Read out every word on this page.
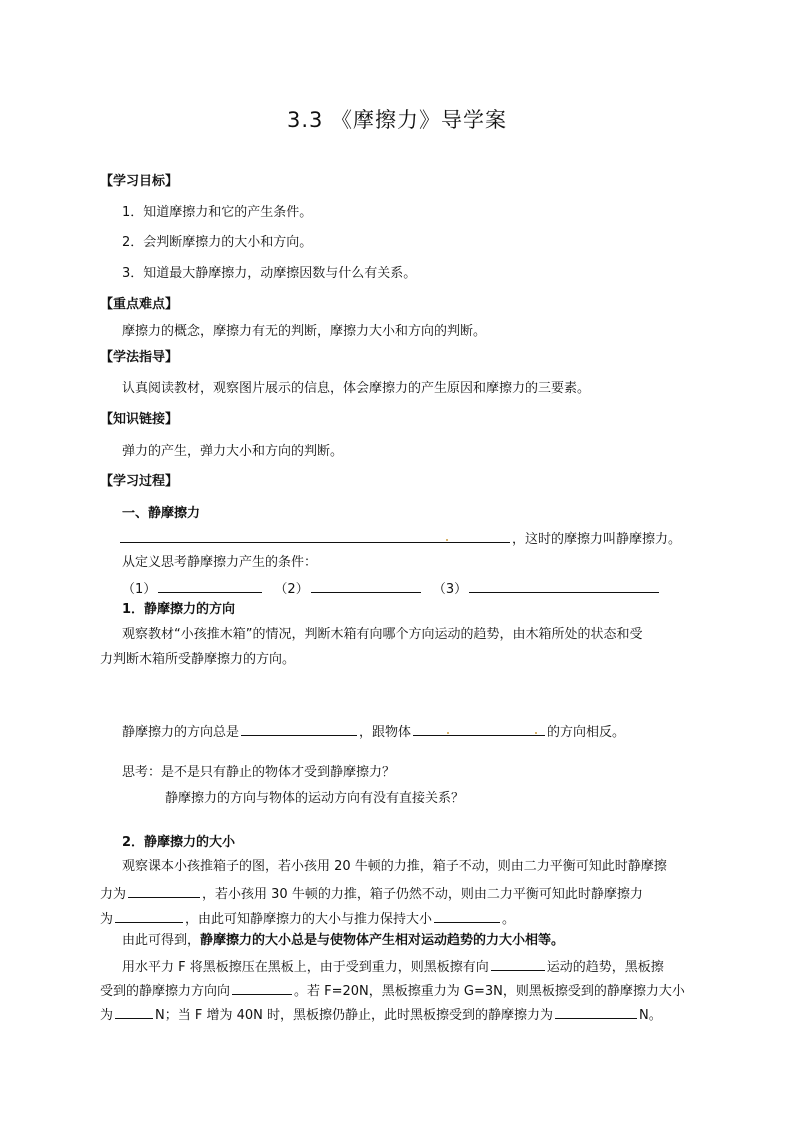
3.3 《摩擦力》导学案
【学习目标】
1．知道摩擦力和它的产生条件。
2．会判断摩擦力的大小和方向。
3．知道最大静摩擦力，动摩擦因数与什么有关系。
【重点难点】
摩擦力的概念，摩擦力有无的判断，摩擦力大小和方向的判断。
【学法指导】
认真阅读教材，观察图片展示的信息，体会摩擦力的产生原因和摩擦力的三要素。
【知识链接】
弹力的产生，弹力大小和方向的判断。
【学习过程】
一、静摩擦力
，这时的摩擦力叫静摩擦力。
从定义思考静摩擦力产生的条件：
（1）	（2）	（3）
1．静摩擦力的方向
观察教材“小孩推木箱”的情况，判断木箱有向哪个方向运动的趋势，由木箱所处的状态和受
力判断木箱所受静摩擦力的方向。
静摩擦力的方向总是	，跟物体	的方向相反。
思考：是不是只有静止的物体才受到静摩擦力？
静摩擦力的方向与物体的运动方向有没有直接关系？
2．静摩擦力的大小
观察课本小孩推箱子的图，若小孩用 20 牛顿的力推，箱子不动，则由二力平衡可知此时静摩擦
力为	，若小孩用 30 牛顿的力推，箱子仍然不动，则由二力平衡可知此时静摩擦力
为	，由此可知静摩擦力的大小与推力保持大小	。
由此可得到，静摩擦力的大小总是与使物体产生相对运动趋势的力大小相等。
用水平力 F 将黑板擦压在黑板上，由于受到重力，则黑板擦有向	运动的趋势，黑板擦
受到的静摩擦力方向向	。若 F=20N，黑板擦重力为 G=3N，则黑板擦受到的静摩擦力大小
为	N；当 F 增为 40N 时，黑板擦仍静止，此时黑板擦受到的静摩擦力为	N。
